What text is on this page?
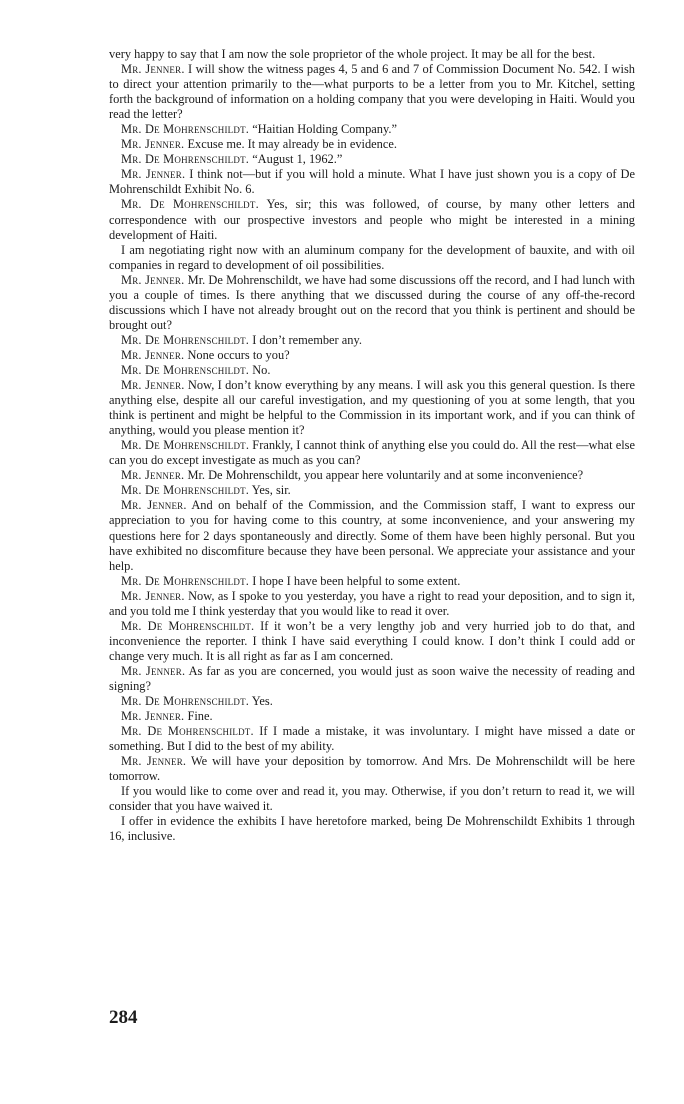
very happy to say that I am now the sole proprietor of the whole project. It may be all for the best.

Mr. Jenner. I will show the witness pages 4, 5 and 6 and 7 of Commission Document No. 542. I wish to direct your attention primarily to the—what purports to be a letter from you to Mr. Kitchel, setting forth the background of information on a holding company that you were developing in Haiti. Would you read the letter?

Mr. De Mohrenschildt. “Haitian Holding Company.”

Mr. Jenner. Excuse me. It may already be in evidence.

Mr. De Mohrenschildt. “August 1, 1962.”

Mr. Jenner. I think not—but if you will hold a minute. What I have just shown you is a copy of De Mohrenschildt Exhibit No. 6.

Mr. De Mohrenschildt. Yes, sir; this was followed, of course, by many other letters and correspondence with our prospective investors and people who might be interested in a mining development of Haiti.

I am negotiating right now with an aluminum company for the development of bauxite, and with oil companies in regard to development of oil possibilities.

Mr. Jenner. Mr. De Mohrenschildt, we have had some discussions off the record, and I had lunch with you a couple of times. Is there anything that we discussed during the course of any off-the-record discussions which I have not already brought out on the record that you think is pertinent and should be brought out?

Mr. De Mohrenschildt. I don’t remember any.

Mr. Jenner. None occurs to you?

Mr. De Mohrenschildt. No.

Mr. Jenner. Now, I don’t know everything by any means. I will ask you this general question. Is there anything else, despite all our careful investigation, and my questioning of you at some length, that you think is pertinent and might be helpful to the Commission in its important work, and if you can think of anything, would you please mention it?

Mr. De Mohrenschildt. Frankly, I cannot think of anything else you could do. All the rest—what else can you do except investigate as much as you can?

Mr. Jenner. Mr. De Mohrenschildt, you appear here voluntarily and at some inconvenience?

Mr. De Mohrenschildt. Yes, sir.

Mr. Jenner. And on behalf of the Commission, and the Commission staff, I want to express our appreciation to you for having come to this country, at some inconvenience, and your answering my questions here for 2 days spontaneously and directly. Some of them have been highly personal. But you have exhibited no discomfiture because they have been personal. We appreciate your assistance and your help.

Mr. De Mohrenschildt. I hope I have been helpful to some extent.

Mr. Jenner. Now, as I spoke to you yesterday, you have a right to read your deposition, and to sign it, and you told me I think yesterday that you would like to read it over.

Mr. De Mohrenschildt. If it won’t be a very lengthy job and very hurried job to do that, and inconvenience the reporter. I think I have said everything I could know. I don’t think I could add or change very much. It is all right as far as I am concerned.

Mr. Jenner. As far as you are concerned, you would just as soon waive the necessity of reading and signing?

Mr. De Mohrenschildt. Yes.

Mr. Jenner. Fine.

Mr. De Mohrenschildt. If I made a mistake, it was involuntary. I might have missed a date or something. But I did to the best of my ability.

Mr. Jenner. We will have your deposition by tomorrow. And Mrs. De Mohrenschildt will be here tomorrow.

If you would like to come over and read it, you may. Otherwise, if you don’t return to read it, we will consider that you have waived it.

I offer in evidence the exhibits I have heretofore marked, being De Mohrenschildt Exhibits 1 through 16, inclusive.

284
